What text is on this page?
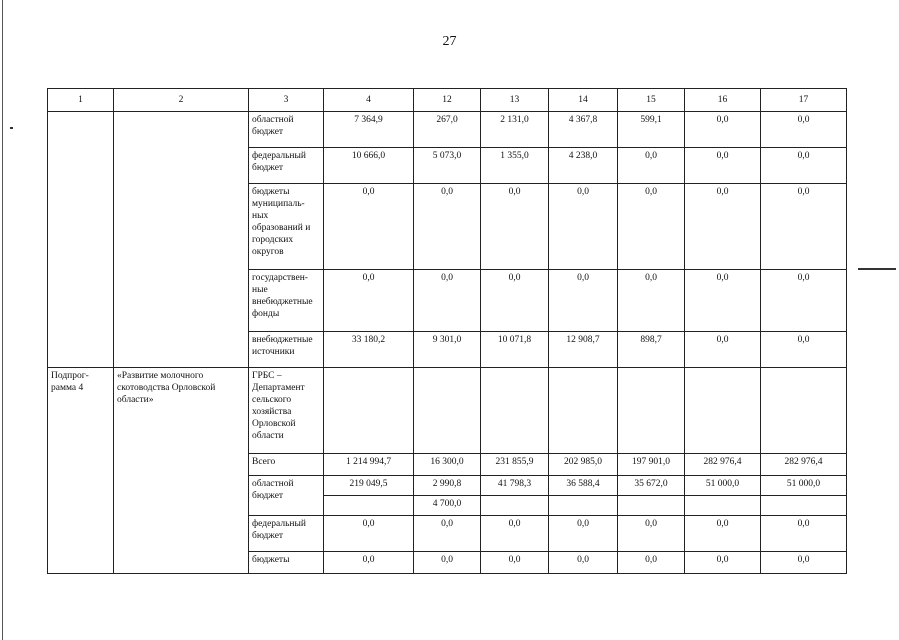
27
1	2	3	4	12	13	14	15	16	17
		областной бюджет	7 364,9	267,0	2 131,0	4 367,8	599,1	0,0	0,0
		федеральный бюджет	10 666,0	5 073,0	1 355,0	4 238,0	0,0	0,0	0,0
		бюджеты муниципаль-ных образований и городских округов	0,0	0,0	0,0	0,0	0,0	0,0	0,0
		государствен-ные внебюджетные фонды	0,0	0,0	0,0	0,0	0,0	0,0	0,0
		внебюджетные источники	33 180,2	9 301,0	10 071,8	12 908,7	898,7	0,0	0,0
Подпрог-рамма 4	«Развитие молочного скотоводства Орловской области»	ГРБС – Департамент сельского хозяйства Орловской области							
		Всего	1 214 994,7	16 300,0	231 855,9	202 985,0	197 901,0	282 976,4	282 976,4
		областной бюджет	219 049,5	2 990,8	41 798,3	36 588,4	35 672,0	51 000,0	51 000,0
				4 700,0					
		федеральный бюджет	0,0	0,0	0,0	0,0	0,0	0,0	0,0
		бюджеты	0,0	0,0	0,0	0,0	0,0	0,0	0,0
